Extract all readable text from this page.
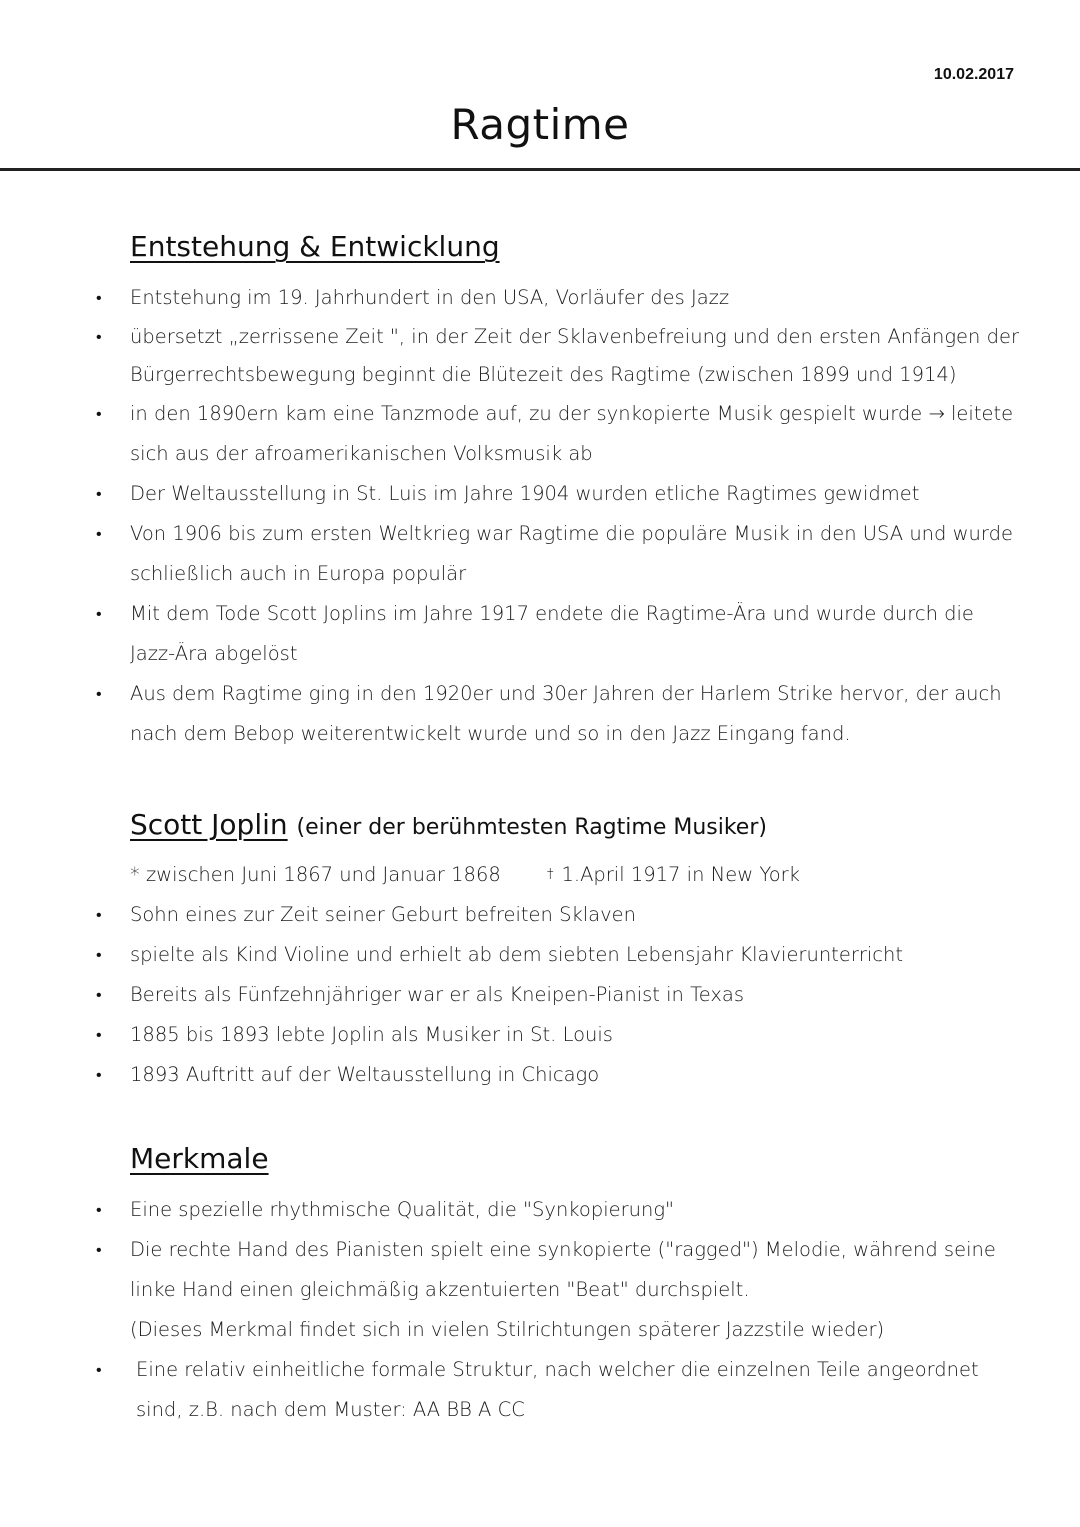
10.02.2017
Ragtime
Entstehung & Entwicklung
• Entstehung im 19. Jahrhundert in den USA, Vorläufer des Jazz
• übersetzt „zerrissene Zeit ", in der Zeit der Sklavenbefreiung und den ersten Anfängen der Bürgerrechtsbewegung beginnt die Blütezeit des Ragtime (zwischen 1899 und 1914)
• in den 1890ern kam eine Tanzmode auf, zu der synkopierte Musik gespielt wurde → leitete sich aus der afroamerikanischen Volksmusik ab
• Der Weltausstellung in St. Luis im Jahre 1904 wurden etliche Ragtimes gewidmet
• Von 1906 bis zum ersten Weltkrieg war Ragtime die populäre Musik in den USA und wurde schließlich auch in Europa populär
• Mit dem Tode Scott Joplins im Jahre 1917 endete die Ragtime-Ära und wurde durch die Jazz-Ära abgelöst
• Aus dem Ragtime ging in den 1920er und 30er Jahren der Harlem Strike hervor, der auch nach dem Bebop weiterentwickelt wurde und so in den Jazz Eingang fand.
Scott Joplin (einer der berühmtesten Ragtime Musiker)
* zwischen Juni 1867 und Januar 1868	† 1.April 1917 in New York
• Sohn eines zur Zeit seiner Geburt befreiten Sklaven
• spielte als Kind Violine und erhielt ab dem siebten Lebensjahr Klavierunterricht
• Bereits als Fünfzehnjähriger war er als Kneipen-Pianist in Texas
• 1885 bis 1893 lebte Joplin als Musiker in St. Louis
• 1893 Auftritt auf der Weltausstellung in Chicago
Merkmale
• Eine spezielle rhythmische Qualität, die "Synkopierung"
• Die rechte Hand des Pianisten spielt eine synkopierte ("ragged") Melodie, während seine linke Hand einen gleichmäßig akzentuierten "Beat" durchspielt.
(Dieses Merkmal findet sich in vielen Stilrichtungen späterer Jazzstile wieder)
• Eine relativ einheitliche formale Struktur, nach welcher die einzelnen Teile angeordnet sind, z.B. nach dem Muster: AA BB A CC
